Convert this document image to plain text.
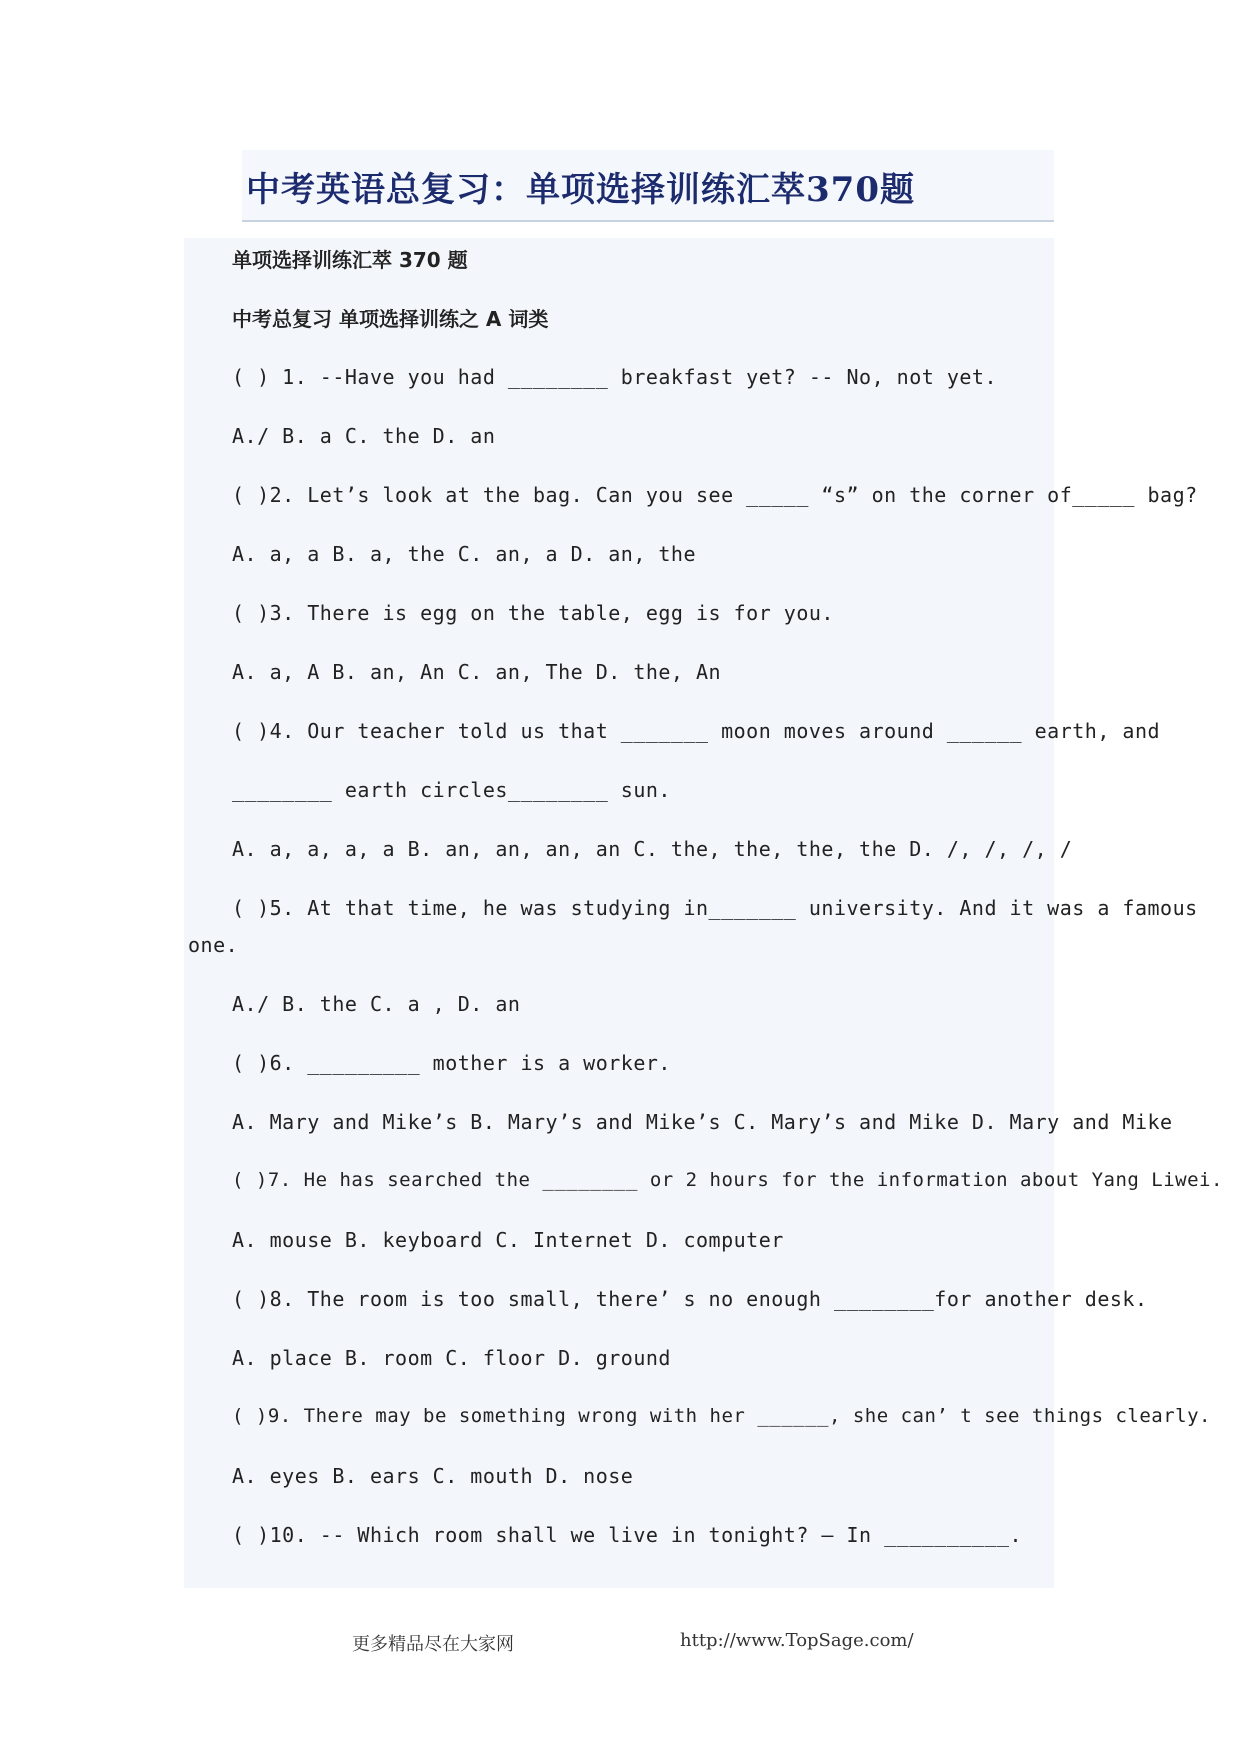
中考英语总复习：单项选择训练汇萃370题
单项选择训练汇萃 370 题
中考总复习 单项选择训练之 A 词类
( ) 1. --Have you had ________ breakfast yet? -- No, not yet.
A./ B. a C. the D. an
( )2. Let’s look at the bag. Can you see _____ “s” on the corner of_____ bag?
A. a, a B. a, the C. an, a D. an, the
( )3. There is egg on the table, egg is for you.
A. a, A B. an, An C. an, The D. the, An
( )4. Our teacher told us that _______ moon moves around ______ earth, and
________ earth circles________ sun.
A. a, a, a, a B. an, an, an, an C. the, the, the, the D. /, /, /, /
( )5. At that time, he was studying in_______ university. And it was a famous
one.
A./ B. the C. a , D. an
( )6. _________ mother is a worker.
A. Mary and Mike’s B. Mary’s and Mike’s C. Mary’s and Mike D. Mary and Mike
( )7. He has searched the ________ or 2 hours for the information about Yang Liwei.
A. mouse B. keyboard C. Internet D. computer
( )8. The room is too small, there’ s no enough ________for another desk.
A. place B. room C. floor D. ground
( )9. There may be something wrong with her ______, she can’ t see things clearly.
A. eyes B. ears C. mouth D. nose
( )10. -- Which room shall we live in tonight? – In __________.
更多精品尽在大家网	http://www.TopSage.com/
